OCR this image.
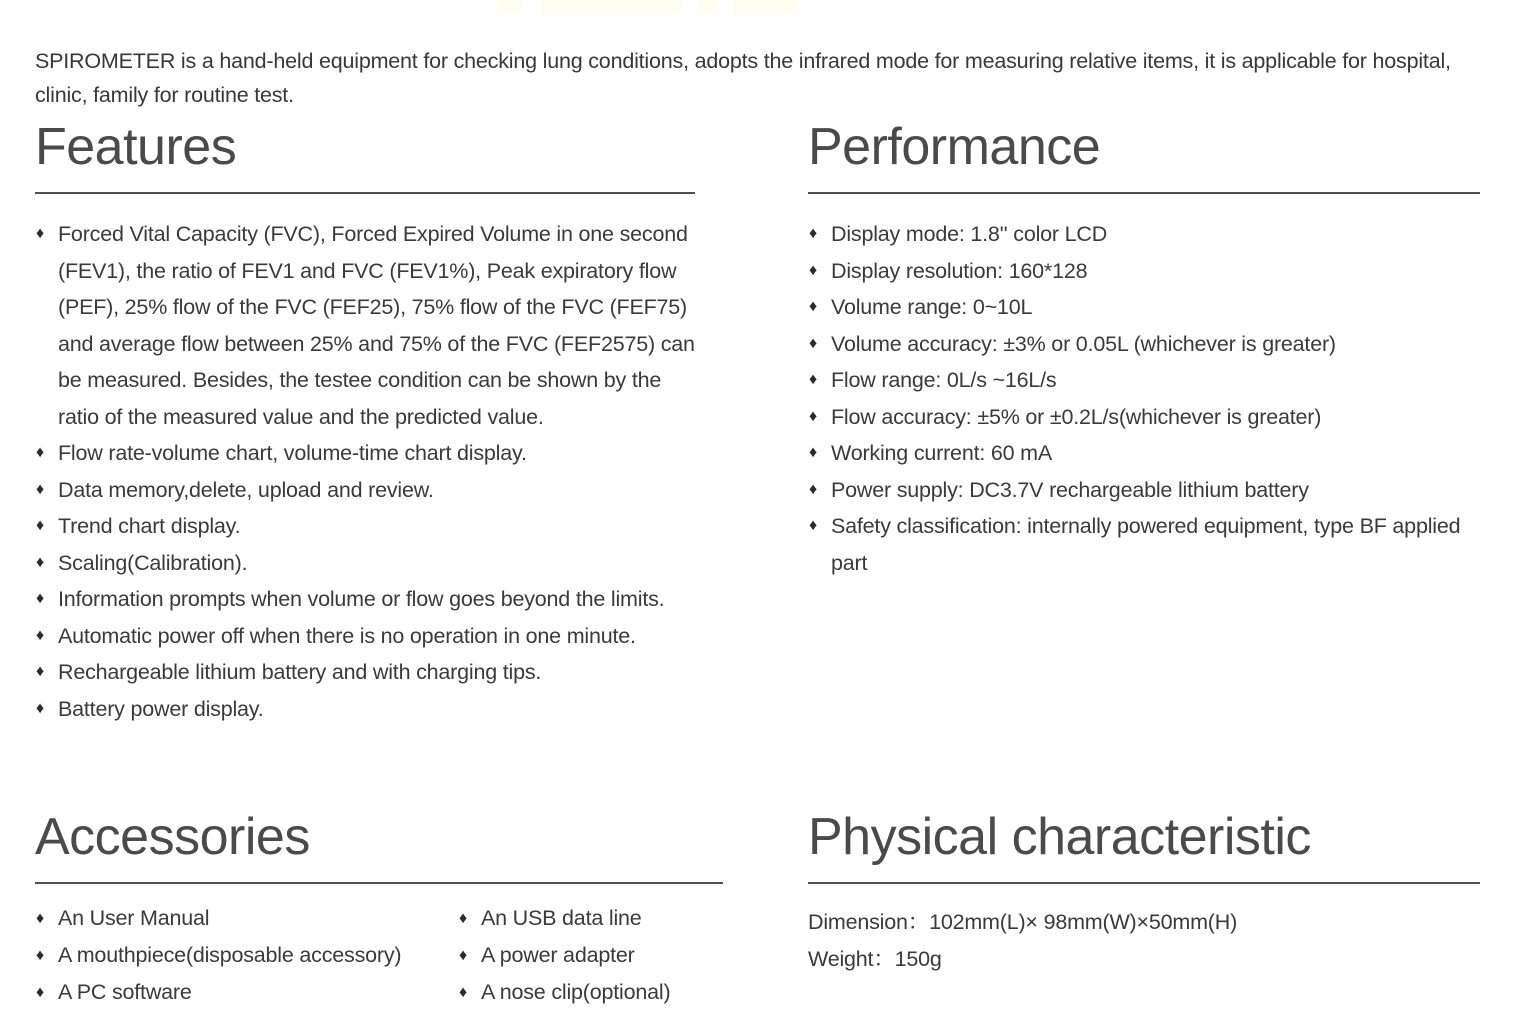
SPIROMETER is a hand-held equipment for checking lung conditions, adopts the infrared mode for measuring relative items, it is applicable for hospital, clinic, family for routine test.

Features
♦
Forced Vital Capacity (FVC), Forced Expired Volume in one second (FEV1), the ratio of FEV1 and FVC (FEV1%), Peak expiratory flow (PEF), 25% flow of the FVC (FEF25), 75% flow of the FVC (FEF75) and average flow between 25% and 75% of the FVC (FEF2575) can be measured. Besides, the testee condition can be shown by the ratio of the measured value and the predicted value.
♦
Flow rate-volume chart, volume-time chart display.
♦
Data memory,delete, upload and review.
♦
Trend chart display.
♦
Scaling(Calibration).
♦
Information prompts when volume or flow goes beyond the limits.
♦
Automatic power off when there is no operation in one minute.
♦
Rechargeable lithium battery and with charging tips.
♦
Battery power display.
Performance
♦
Display mode: 1.8'' color LCD
♦
Display resolution: 160*128
♦
Volume range: 0~10L
♦
Volume accuracy: ±3% or 0.05L (whichever is greater)
♦
Flow range: 0L/s ~16L/s
♦
Flow accuracy: ±5% or ±0.2L/s(whichever is greater)
♦
Working current: 60 mA
♦
Power supply: DC3.7V rechargeable lithium battery
♦
Safety classification: internally powered equipment, type BF applied part
Accessories
♦
An User Manual
♦
A mouthpiece(disposable accessory)
♦
A PC software
♦
An USB data line
♦
A power adapter
♦
A nose clip(optional)
Physical characteristic
Dimension：102mm(L)× 98mm(W)×50mm(H)
Weight：150g
